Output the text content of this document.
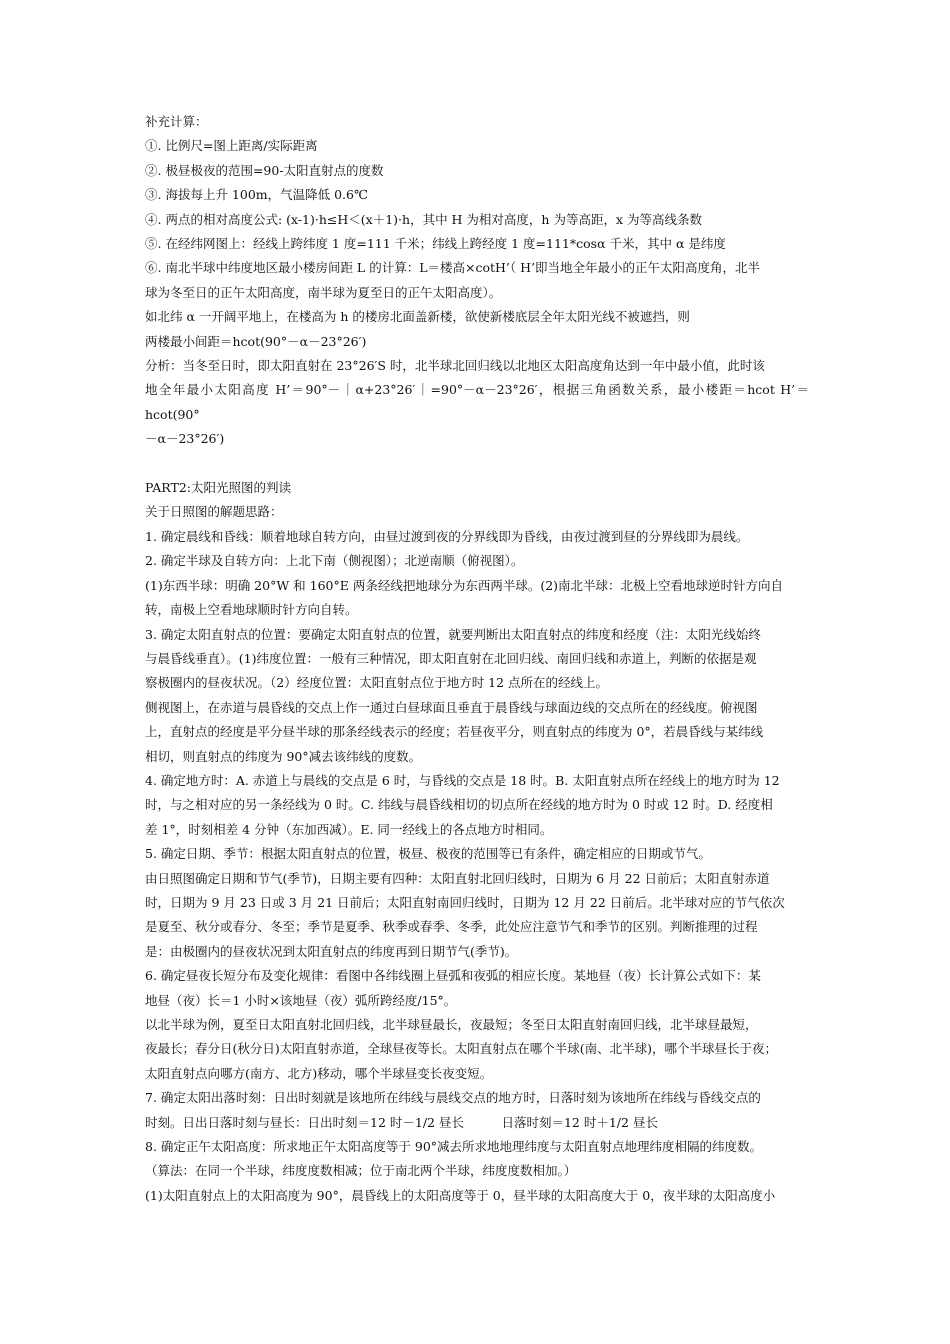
补充计算：

①. 比例尺=图上距离/实际距离

②. 极昼极夜的范围=90-太阳直射点的度数

③. 海拔每上升 100m，气温降低 0.6℃

④. 两点的相对高度公式: (x-1)·h≤H＜(x＋1)·h，其中 H 为相对高度，h 为等高距，x 为等高线条数

⑤. 在经纬网图上：经线上跨纬度 1 度=111 千米；纬线上跨经度 1 度=111*cosα 千米，其中 α 是纬度

⑥. 南北半球中纬度地区最小楼房间距 L 的计算：L＝楼高×cotH’（ H’即当地全年最小的正午太阳高度角，北半

球为冬至日的正午太阳高度，南半球为夏至日的正午太阳高度）。

如北纬 α 一开阔平地上，在楼高为 h 的楼房北面盖新楼，欲使新楼底层全年太阳光线不被遮挡，则

两楼最小间距＝hcot(90°－α－23°26′)

分析：当冬至日时，即太阳直射在 23°26′S 时，北半球北回归线以北地区太阳高度角达到一年中最小值，此时该

地全年最小太阳高度 H’＝90°－｜α+23°26′｜=90°－α－23°26′，根据三角函数关系，最小楼距＝hcot H’＝hcot(90°

－α－23°26′)

PART2:太阳光照图的判读

关于日照图的解题思路：

1. 确定晨线和昏线：顺着地球自转方向，由昼过渡到夜的分界线即为昏线，由夜过渡到昼的分界线即为晨线。

2. 确定半球及自转方向：上北下南（侧视图）；北逆南顺（俯视图）。

(1)东西半球：明确 20°W 和 160°E 两条经线把地球分为东西两半球。(2)南北半球：北极上空看地球逆时针方向自

转，南极上空看地球顺时针方向自转。

3. 确定太阳直射点的位置：要确定太阳直射点的位置，就要判断出太阳直射点的纬度和经度（注：太阳光线始终

与晨昏线垂直）。(1)纬度位置：一般有三种情况，即太阳直射在北回归线、南回归线和赤道上，判断的依据是观

察极圈内的昼夜状况。（2）经度位置：太阳直射点位于地方时 12 点所在的经线上。

侧视图上，在赤道与晨昏线的交点上作一通过白昼球面且垂直于晨昏线与球面边线的交点所在的经线度。俯视图

上，直射点的经度是平分昼半球的那条经线表示的经度；若昼夜平分，则直射点的纬度为 0°，若晨昏线与某纬线

相切，则直射点的纬度为 90°减去该纬线的度数。

4. 确定地方时：A. 赤道上与晨线的交点是 6 时，与昏线的交点是 18 时。B. 太阳直射点所在经线上的地方时为 12

时，与之相对应的另一条经线为 0 时。C. 纬线与晨昏线相切的切点所在经线的地方时为 0 时或 12 时。D. 经度相

差 1°，时刻相差 4 分钟（东加西减）。E. 同一经线上的各点地方时相同。

5. 确定日期、季节：根据太阳直射点的位置，极昼、极夜的范围等已有条件，确定相应的日期或节气。

由日照图确定日期和节气(季节)，日期主要有四种：太阳直射北回归线时，日期为 6 月 22 日前后；太阳直射赤道

时，日期为 9 月 23 日或 3 月 21 日前后；太阳直射南回归线时，日期为 12 月 22 日前后。北半球对应的节气依次

是夏至、秋分或春分、冬至；季节是夏季、秋季或春季、冬季，此处应注意节气和季节的区别。判断推理的过程

是：由极圈内的昼夜状况到太阳直射点的纬度再到日期节气(季节)。

6. 确定昼夜长短分布及变化规律：看图中各纬线圈上昼弧和夜弧的相应长度。某地昼（夜）长计算公式如下：某

地昼（夜）长＝1 小时×该地昼（夜）弧所跨经度/15°。

以北半球为例，夏至日太阳直射北回归线，北半球昼最长，夜最短；冬至日太阳直射南回归线，北半球昼最短，

夜最长；春分日(秋分日)太阳直射赤道，全球昼夜等长。太阳直射点在哪个半球(南、北半球)，哪个半球昼长于夜；

太阳直射点向哪方(南方、北方)移动，哪个半球昼变长夜变短。

7. 确定太阳出落时刻：日出时刻就是该地所在纬线与晨线交点的地方时，日落时刻为该地所在纬线与昏线交点的

时刻。日出日落时刻与昼长：日出时刻＝12 时－1/2 昼长　　　日落时刻＝12 时＋1/2 昼长

8. 确定正午太阳高度：所求地正午太阳高度等于 90°减去所求地地理纬度与太阳直射点地理纬度相隔的纬度数。

（算法：在同一个半球，纬度度数相减；位于南北两个半球，纬度度数相加。）

(1)太阳直射点上的太阳高度为 90°，晨昏线上的太阳高度等于 0，昼半球的太阳高度大于 0，夜半球的太阳高度小
